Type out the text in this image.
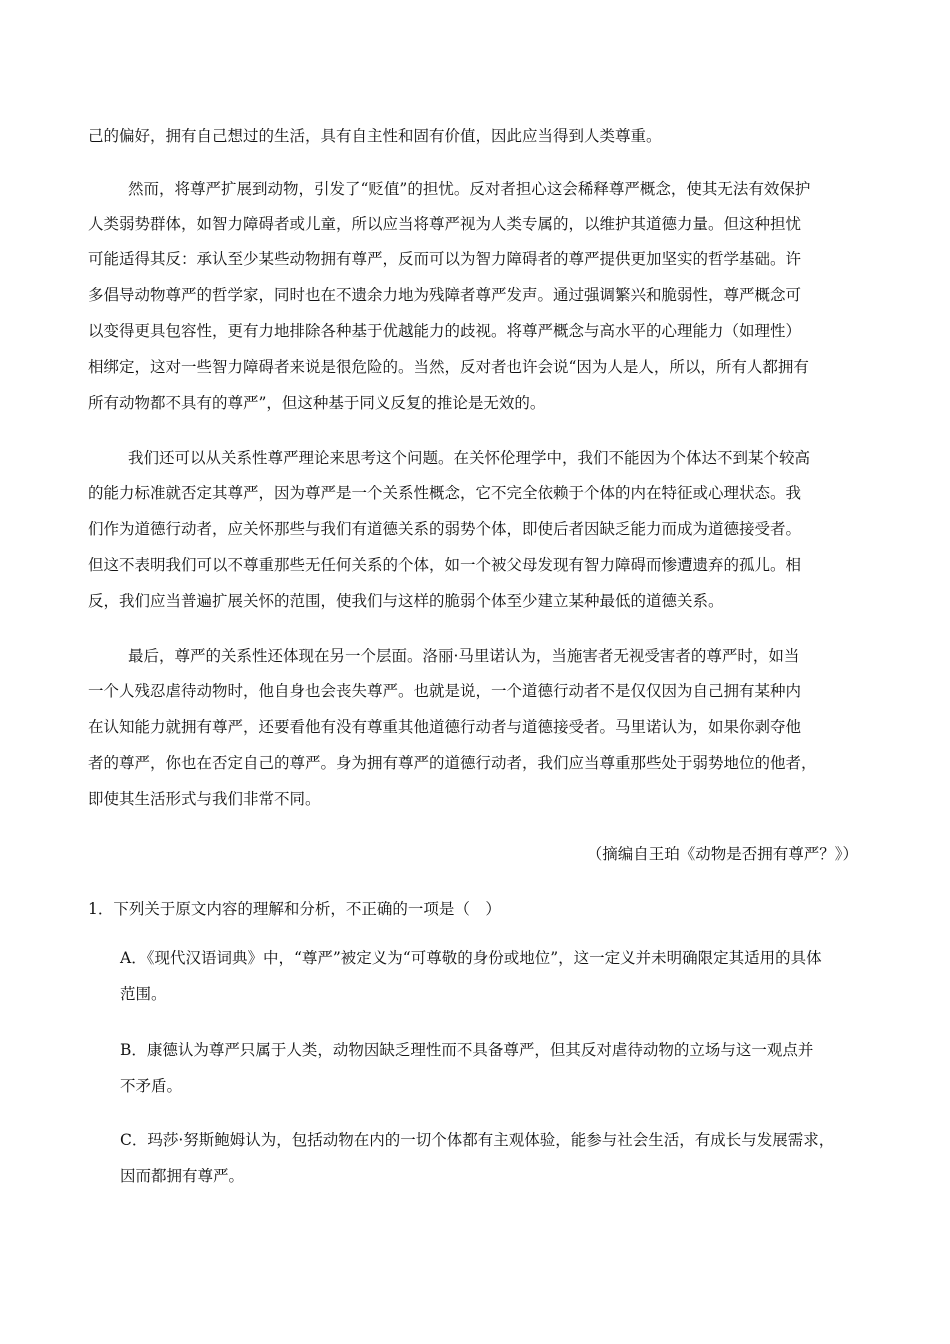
己的偏好，拥有自己想过的生活，具有自主性和固有价值，因此应当得到人类尊重。
然而，将尊严扩展到动物，引发了“贬值”的担忧。反对者担心这会稀释尊严概念，使其无法有效保护
人类弱势群体，如智力障碍者或儿童，所以应当将尊严视为人类专属的，以维护其道德力量。但这种担忧
可能适得其反：承认至少某些动物拥有尊严，反而可以为智力障碍者的尊严提供更加坚实的哲学基础。许
多倡导动物尊严的哲学家，同时也在不遗余力地为残障者尊严发声。通过强调繁兴和脆弱性，尊严概念可
以变得更具包容性，更有力地排除各种基于优越能力的歧视。将尊严概念与高水平的心理能力（如理性）
相绑定，这对一些智力障碍者来说是很危险的。当然，反对者也许会说“因为人是人，所以，所有人都拥有
所有动物都不具有的尊严”，但这种基于同义反复的推论是无效的。
我们还可以从关系性尊严理论来思考这个问题。在关怀伦理学中，我们不能因为个体达不到某个较高
的能力标准就否定其尊严，因为尊严是一个关系性概念，它不完全依赖于个体的内在特征或心理状态。我
们作为道德行动者，应关怀那些与我们有道德关系的弱势个体，即使后者因缺乏能力而成为道德接受者。
但这不表明我们可以不尊重那些无任何关系的个体，如一个被父母发现有智力障碍而惨遭遗弃的孤儿。相
反，我们应当普遍扩展关怀的范围，使我们与这样的脆弱个体至少建立某种最低的道德关系。
最后，尊严的关系性还体现在另一个层面。洛丽·马里诺认为，当施害者无视受害者的尊严时，如当
一个人残忍虐待动物时，他自身也会丧失尊严。也就是说，一个道德行动者不是仅仅因为自己拥有某种内
在认知能力就拥有尊严，还要看他有没有尊重其他道德行动者与道德接受者。马里诺认为，如果你剥夺他
者的尊严，你也在否定自己的尊严。身为拥有尊严的道德行动者，我们应当尊重那些处于弱势地位的他者，
即使其生活形式与我们非常不同。
（摘编自王珀《动物是否拥有尊严？》）
1．下列关于原文内容的理解和分析，不正确的一项是（　）
A．《现代汉语词典》中，“尊严”被定义为“可尊敬的身份或地位”，这一定义并未明确限定其适用的具体
范围。
B．康德认为尊严只属于人类，动物因缺乏理性而不具备尊严，但其反对虐待动物的立场与这一观点并
不矛盾。
C．玛莎·努斯鲍姆认为，包括动物在内的一切个体都有主观体验，能参与社会生活，有成长与发展需求，
因而都拥有尊严。
